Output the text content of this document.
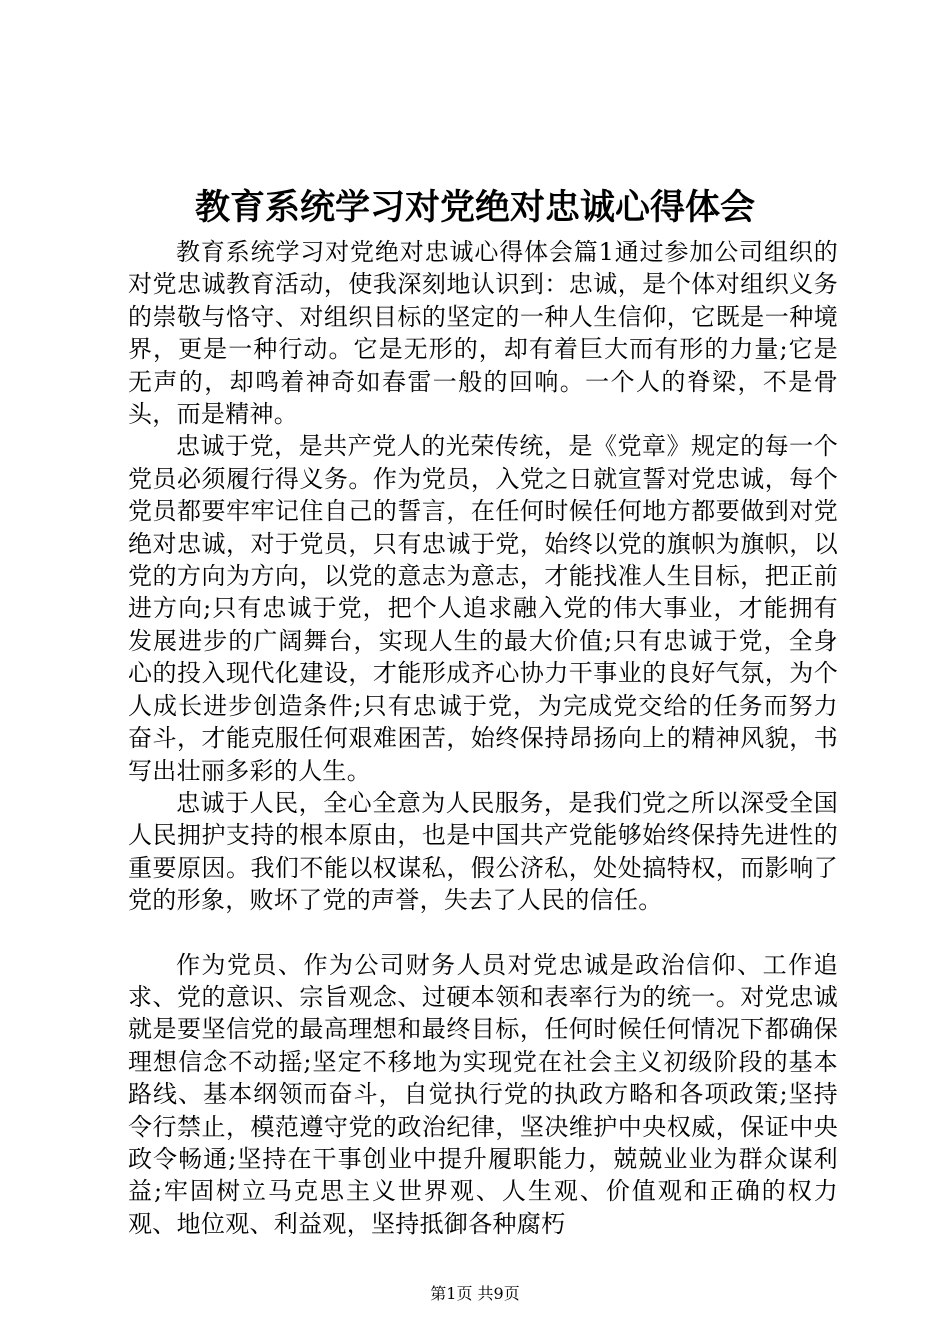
教育系统学习对党绝对忠诚心得体会

教育系统学习对党绝对忠诚心得体会篇1通过参加公司组织的对党忠诚教育活动，使我深刻地认识到：忠诚，是个体对组织义务的崇敬与恪守、对组织目标的坚定的一种人生信仰，它既是一种境界，更是一种行动。它是无形的，却有着巨大而有形的力量;它是无声的，却鸣着神奇如春雷一般的回响。一个人的脊梁，不是骨头，而是精神。

忠诚于党，是共产党人的光荣传统，是《党章》规定的每一个党员必须履行得义务。作为党员，入党之日就宣誓对党忠诚，每个党员都要牢牢记住自己的誓言，在任何时候任何地方都要做到对党绝对忠诚，对于党员，只有忠诚于党，始终以党的旗帜为旗帜，以党的方向为方向，以党的意志为意志，才能找准人生目标，把正前进方向;只有忠诚于党，把个人追求融入党的伟大事业，才能拥有发展进步的广阔舞台，实现人生的最大价值;只有忠诚于党，全身心的投入现代化建设，才能形成齐心协力干事业的良好气氛，为个人成长进步创造条件;只有忠诚于党，为完成党交给的任务而努力奋斗，才能克服任何艰难困苦，始终保持昂扬向上的精神风貌，书写出壮丽多彩的人生。

忠诚于人民，全心全意为人民服务，是我们党之所以深受全国人民拥护支持的根本原由，也是中国共产党能够始终保持先进性的重要原因。我们不能以权谋私，假公济私，处处搞特权，而影响了党的形象，败坏了党的声誉，失去了人民的信任。

作为党员、作为公司财务人员对党忠诚是政治信仰、工作追求、党的意识、宗旨观念、过硬本领和表率行为的统一。对党忠诚就是要坚信党的最高理想和最终目标，任何时候任何情况下都确保理想信念不动摇;坚定不移地为实现党在社会主义初级阶段的基本路线、基本纲领而奋斗，自觉执行党的执政方略和各项政策;坚持令行禁止，模范遵守党的政治纪律，坚决维护中央权威，保证中央政令畅通;坚持在干事创业中提升履职能力，兢兢业业为群众谋利益;牢固树立马克思主义世界观、人生观、价值观和正确的权力观、地位观、利益观，坚持抵御各种腐朽

第1页 共9页
